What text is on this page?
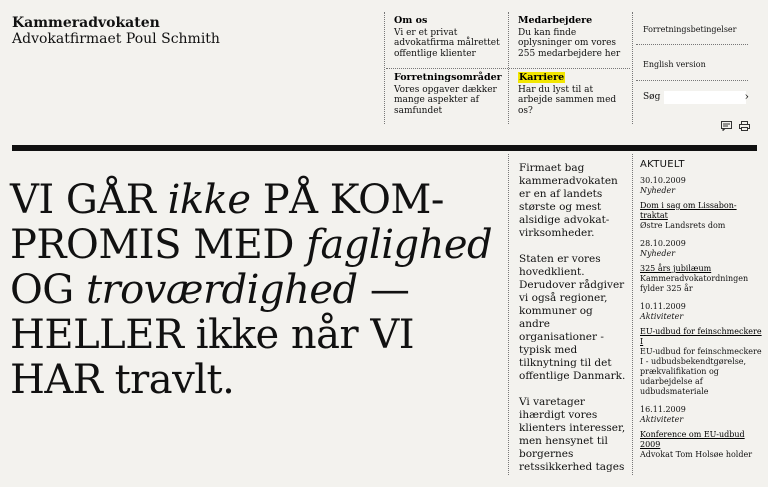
Kammeradvokaten
Advokatfirmaet Poul Schmith
Om os
Vi er et privat advokatfirma målrettet offentlige klienter
Medarbejdere
Du kan finde oplysninger om vores 255 medarbejdere her
Forretningsområder
Vores opgaver dækker mange aspekter af samfundet
Karriere
Har du lyst til at arbejde sammen med os?
Forretningsbetingelser
English version
Søg	›
VI GÅR ikke PÅ KOM-
PROMIS MED faglighed
OG troværdighed —
HELLER ikke når VI
HAR travlt.

Firmaet bag kammeradvokaten er en af landets største og mest alsidige advokat-virksomheder.

Staten er vores hovedklient. Derudover rådgiver vi også regioner, kommuner og andre organisationer - typisk med tilknytning til det offentlige Danmark.

Vi varetager ihærdigt vores klienters interesser, men hensynet til borgernes retssikkerhed tages

AKTUELT
30.10.2009
Nyheder
Dom i sag om Lissabon-traktat
Østre Landsrets dom
28.10.2009
Nyheder
325 års jubilæum
Kammeradvokatordningen fylder 325 år
10.11.2009
Aktiviteter
EU-udbud for feinschmeckere I
EU-udbud for feinschmeckere I - udbudsbekendtgørelse, prækvalifikation og udarbejdelse af udbudsmateriale
16.11.2009
Aktiviteter
Konference om EU-udbud 2009
Advokat Tom Holsøe holder
